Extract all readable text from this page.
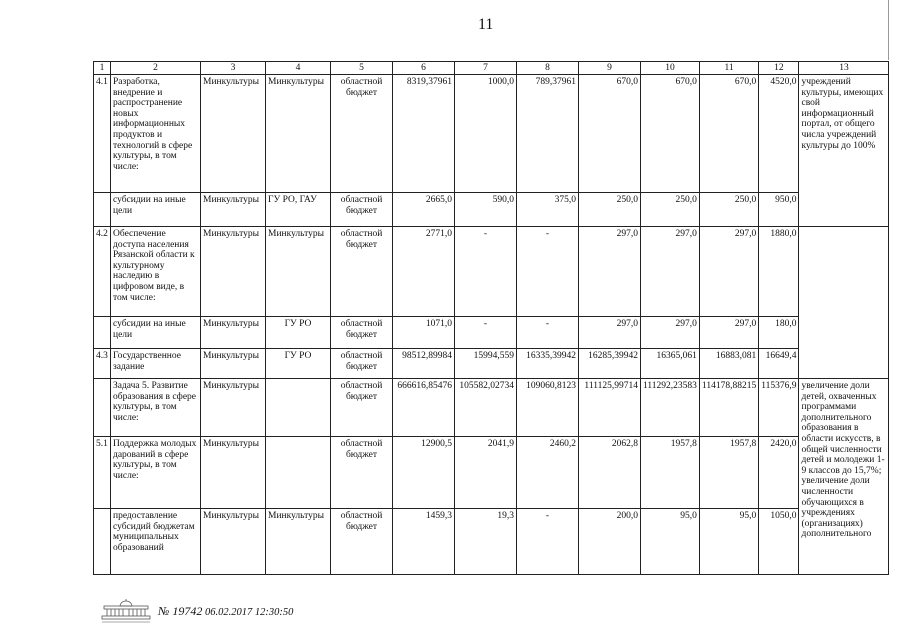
11
1	2	3	4	5	6	7	8	9	10	11	12	13
4.1	Разработка, внедрение и распространение новых информационных продуктов и технологий в сфере культуры, в том числе:	Минкультуры	Минкультуры	областной бюджет	8319,37961	1000,0	789,37961	670,0	670,0	670,0	4520,0	учреждений культуры, имеющих свой информационный портал, от общего числа учреждений культуры до 100%
	субсидии на иные цели	Минкультуры	ГУ РО, ГАУ	областной бюджет	2665,0	590,0	375,0	250,0	250,0	250,0	950,0	
4.2	Обеспечение доступа населения Рязанской области к культурному наследию в цифровом виде, в том числе:	Минкультуры	Минкультуры	областной бюджет	2771,0	-	-	297,0	297,0	297,0	1880,0	
	субсидии на иные цели	Минкультуры	ГУ РО	областной бюджет	1071,0	-	-	297,0	297,0	297,0	180,0	
4.3	Государственное задание	Минкультуры	ГУ РО	областной бюджет	98512,89984	15994,559	16335,39942	16285,39942	16365,061	16883,081	16649,4	
	Задача 5. Развитие образования в сфере культуры, в том числе:	Минкультуры		областной бюджет	666616,85476	105582,02734	109060,8123	111125,99714	111292,23583	114178,88215	115376,9	увеличение доли детей, охваченных программами дополнительного образования в области искусств, в общей численности детей и молодежи 1-9 классов до 15,7%; увеличение доли численности обучающихся в учреждениях (организациях) дополнительного
5.1	Поддержка молодых дарований в сфере культуры, в том числе:	Минкультуры		областной бюджет	12900,5	2041,9	2460,2	2062,8	1957,8	1957,8	2420,0	
	предоставление субсидий бюджетам муниципальных образований	Минкультуры	Минкультуры	областной бюджет	1459,3	19,3	-	200,0	95,0	95,0	1050,0	
№ 19742 06.02.2017 12:30:50
